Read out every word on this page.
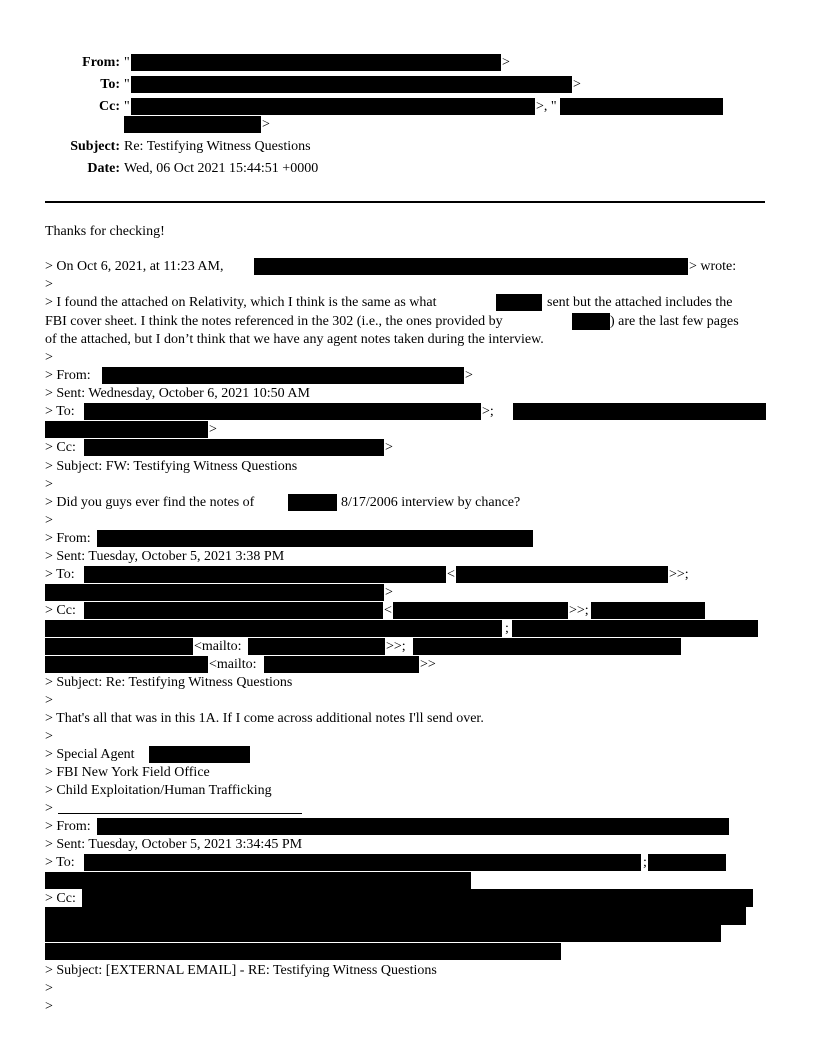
From: "	>
To: "	>
Cc: "	>, "
>
Subject: Re: Testifying Witness Questions
Date: Wed, 06 Oct 2021 15:44:51 +0000
Thanks for checking!
> On Oct 6, 2021, at 11:23 AM,	> wrote:
>
> I found the attached on Relativity, which I think is the same as what	sent but the attached includes the
FBI cover sheet. I think the notes referenced in the 302 (i.e., the ones provided by	) are the last few pages
of the attached, but I don’t think that we have any agent notes taken during the interview.
>
> From:	>
> Sent: Wednesday, October 6, 2021 10:50 AM
> To:	>;
>
> Cc:	>
> Subject: FW: Testifying Witness Questions
>
> Did you guys ever find the notes of	8/17/2006 interview by chance?
>
> From:
> Sent: Tuesday, October 5, 2021 3:38 PM
> To:	<	>>;
>
> Cc:	<	>>;
;
<mailto:	>>;
<mailto:	>>
> Subject: Re: Testifying Witness Questions
>
> That's all that was in this 1A. If I come across additional notes I'll send over.
>
> Special Agent
> FBI New York Field Office
> Child Exploitation/Human Trafficking
>
> From:
> Sent: Tuesday, October 5, 2021 3:34:45 PM
> To:	;
> Cc:
> Subject: [EXTERNAL EMAIL] - RE: Testifying Witness Questions
>
>
